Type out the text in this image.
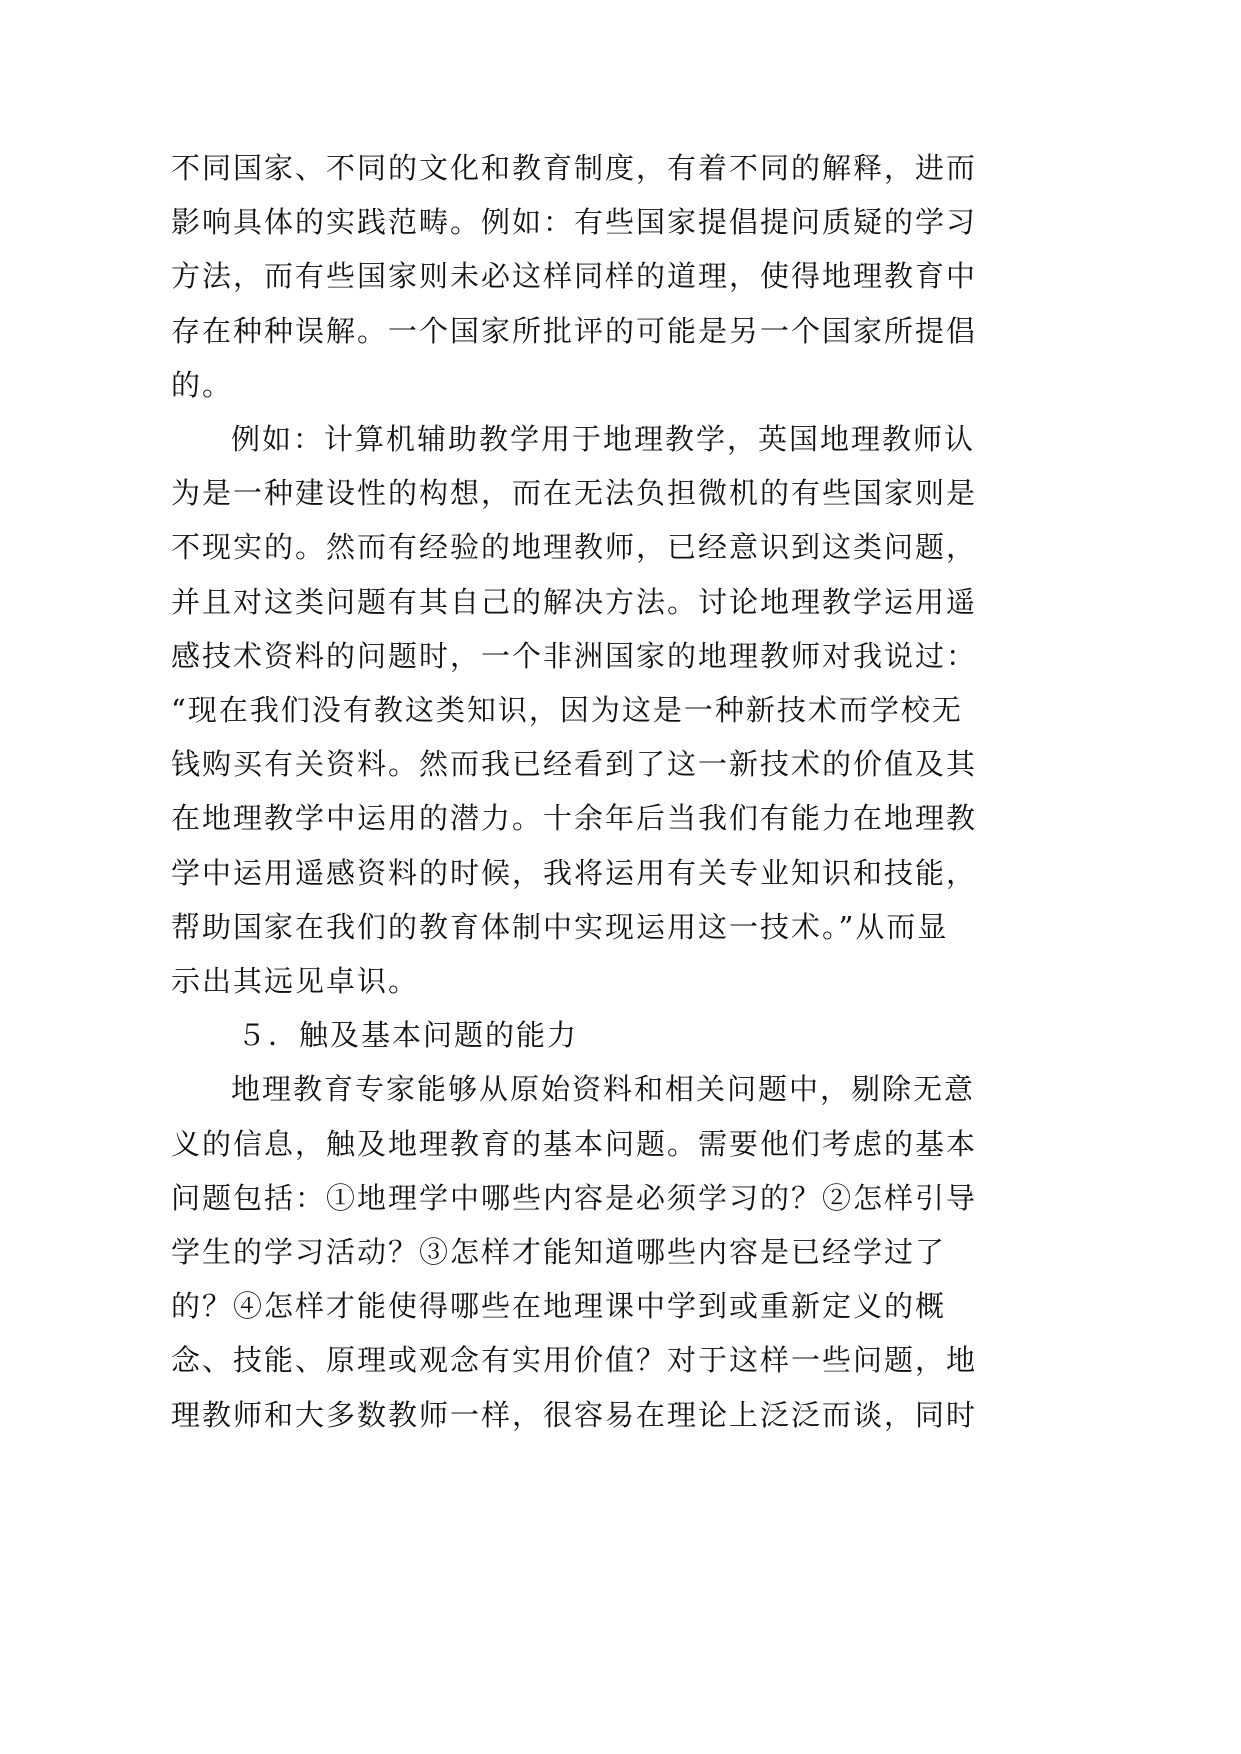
不同国家、不同的文化和教育制度，有着不同的解释，进而
影响具体的实践范畴。例如：有些国家提倡提问质疑的学习
方法，而有些国家则未必这样同样的道理，使得地理教育中
存在种种误解。一个国家所批评的可能是另一个国家所提倡
的。
例如：计算机辅助教学用于地理教学，英国地理教师认
为是一种建设性的构想，而在无法负担微机的有些国家则是
不现实的。然而有经验的地理教师，已经意识到这类问题，
并且对这类问题有其自己的解决方法。讨论地理教学运用遥
感技术资料的问题时，一个非洲国家的地理教师对我说过：
“现在我们没有教这类知识，因为这是一种新技术而学校无
钱购买有关资料。然而我已经看到了这一新技术的价值及其
在地理教学中运用的潜力。十余年后当我们有能力在地理教
学中运用遥感资料的时候，我将运用有关专业知识和技能，
帮助国家在我们的教育体制中实现运用这一技术。”从而显
示出其远见卓识。
５．触及基本问题的能力
地理教育专家能够从原始资料和相关问题中，剔除无意
义的信息，触及地理教育的基本问题。需要他们考虑的基本
问题包括：①地理学中哪些内容是必须学习的？②怎样引导
学生的学习活动？③怎样才能知道哪些内容是已经学过了
的？④怎样才能使得哪些在地理课中学到或重新定义的概
念、技能、原理或观念有实用价值？对于这样一些问题，地
理教师和大多数教师一样，很容易在理论上泛泛而谈，同时
